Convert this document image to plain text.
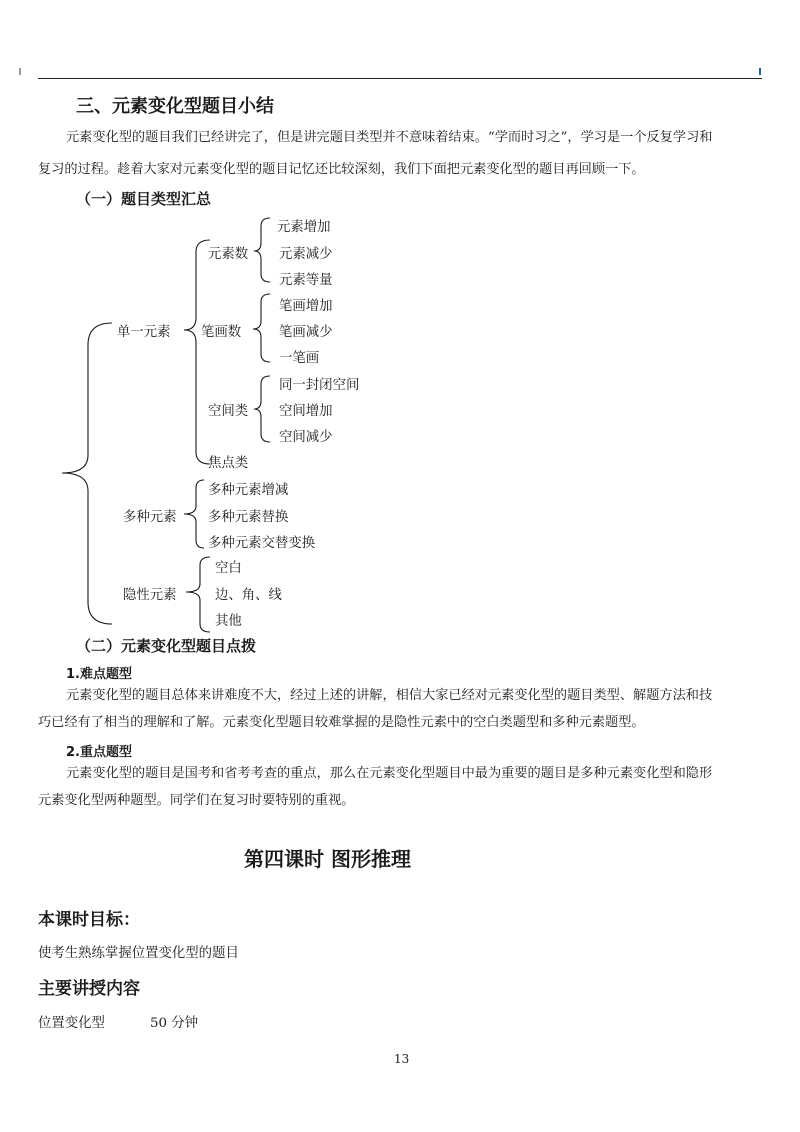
三、元素变化型题目小结
元素变化型的题目我们已经讲完了，但是讲完题目类型并不意味着结束。“学而时习之”，学习是一个反复学习和
复习的过程。趁着大家对元素变化型的题目记忆还比较深刻，我们下面把元素变化型的题目再回顾一下。
（一）题目类型汇总
单一元素
元素数
元素增加
元素减少
元素等量
笔画数
笔画增加
笔画减少
一笔画
空间类
同一封闭空间
空间增加
空间减少
焦点类
多种元素
多种元素增减
多种元素替换
多种元素交替变换
隐性元素
空白
边、角、线
其他
（二）元素变化型题目点拨
1.难点题型
元素变化型的题目总体来讲难度不大，经过上述的讲解，相信大家已经对元素变化型的题目类型、解题方法和技
巧已经有了相当的理解和了解。元素变化型题目较难掌握的是隐性元素中的空白类题型和多种元素题型。
2.重点题型
元素变化型的题目是国考和省考考查的重点，那么在元素变化型题目中最为重要的题目是多种元素变化型和隐形
元素变化型两种题型。同学们在复习时要特别的重视。
第四课时 图形推理
本课时目标：
使考生熟练掌握位置变化型的题目
主要讲授内容
位置变化型	50 分钟
13
